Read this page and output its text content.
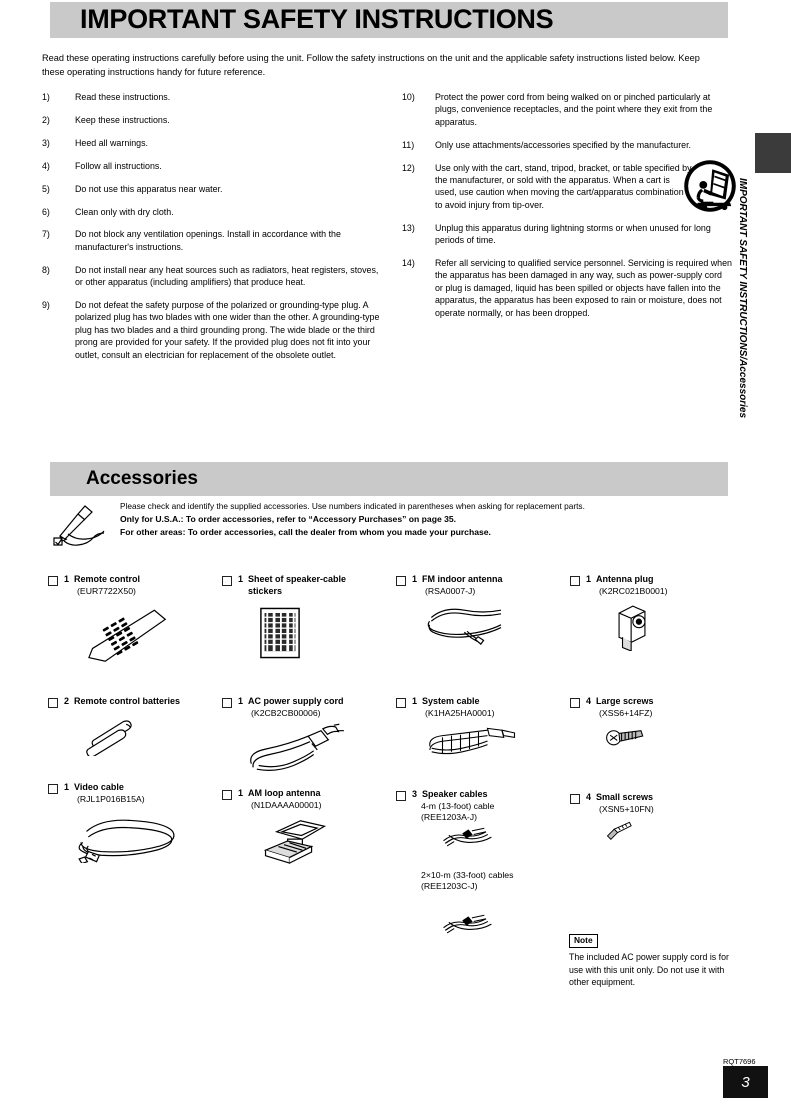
IMPORTANT SAFETY INSTRUCTIONS
Read these operating instructions carefully before using the unit. Follow the safety instructions on the unit and the applicable safety instructions listed below. Keep these operating instructions handy for future reference.
1)	Read these instructions.
2)	Keep these instructions.
3)	Heed all warnings.
4)	Follow all instructions.
5)	Do not use this apparatus near water.
6)	Clean only with dry cloth.
7)	Do not block any ventilation openings. Install in accordance with the manufacturer's instructions.
8)	Do not install near any heat sources such as radiators, heat registers, stoves, or other apparatus (including amplifiers) that produce heat.
9)	Do not defeat the safety purpose of the polarized or grounding-type plug. A polarized plug has two blades with one wider than the other. A grounding-type plug has two blades and a third grounding prong. The wide blade or the third prong are provided for your safety. If the provided plug does not fit into your outlet, consult an electrician for replacement of the obsolete outlet.
10)	Protect the power cord from being walked on or pinched particularly at plugs, convenience receptacles, and the point where they exit from the apparatus.
11)	Only use attachments/accessories specified by the manufacturer.
12)	Use only with the cart, stand, tripod, bracket, or table specified by the manufacturer, or sold with the apparatus. When a cart is used, use caution when moving the cart/apparatus combination to avoid injury from tip-over.
13)	Unplug this apparatus during lightning storms or when unused for long periods of time.
14)	Refer all servicing to qualified service personnel. Servicing is required when the apparatus has been damaged in any way, such as power-supply cord or plug is damaged, liquid has been spilled or objects have fallen into the apparatus, the apparatus has been exposed to rain or moisture, does not operate normally, or has been dropped.
Accessories
Please check and identify the supplied accessories. Use numbers indicated in parentheses when asking for replacement parts.
Only for U.S.A.: To order accessories, refer to “Accessory Purchases” on page 35.
For other areas: To order accessories, call the dealer from whom you made your purchase.
1 Remote control
(EUR7722X50)
1 Sheet of speaker-cable stickers
1 FM indoor antenna
(RSA0007-J)
1 Antenna plug
(K2RC021B0001)
2 Remote control batteries	1 AC power supply cord
(K2CB2CB00006)
1 System cable
(K1HA25HA0001)
4 Large screws
(XSS6+14FZ)
1 Video cable
(RJL1P016B15A)
1 AM loop antenna
(N1DAAAA00001)
3 Speaker cables
4-m (13-foot) cable
(REE1203A-J)
2×10-m (33-foot) cables
(REE1203C-J)
4 Small screws
(XSN5+10FN)
Note
The included AC power supply cord is for use with this unit only. Do not use it with other equipment.
IMPORTANT SAFETY INSTRUCTIONS/Accessories
RQT7696
3
